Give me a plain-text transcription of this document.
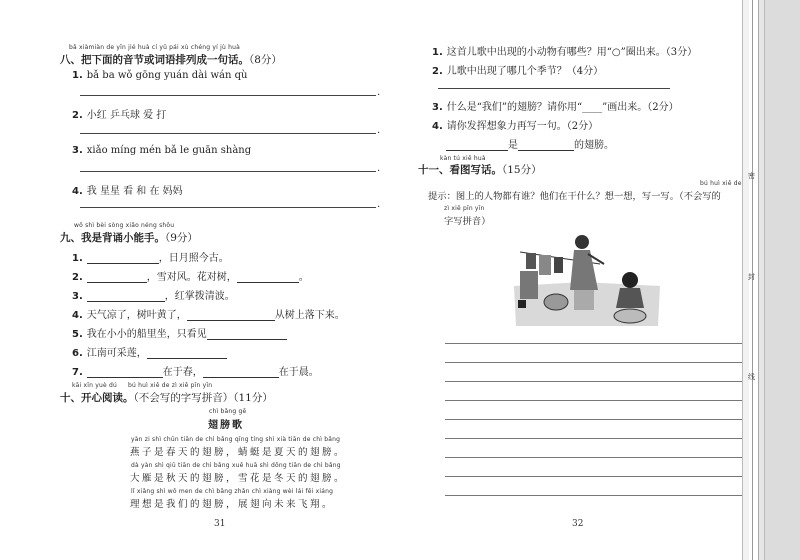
bǎ xiàmiàn de yīn jié huà cí yǔ pái xù chéng yí jù huà
八、把下面的音节或词语排列成一句话。（8分）
1. bǎ ba wǒ gōng yuán dài wán qù
.
2. 小红 乒乓球 爱 打
.
3. xiǎo míng mén bǎ le guān shàng
.
4. 我 星星 看 和 在 妈妈
.
wǒ shì bèi sòng xiǎo néng shǒu
九、我是背诵小能手。（9分）
1.	，日月照今古。
2.	，雪对风。花对树，	。
3.	，红掌拨清波。
4. 天气凉了，树叶黄了，	从树上落下来。
5. 我在小小的船里坐，只看见
6. 江南可采莲，
7.	在于春，	在于晨。
kāi xīn yuè dú bú huì xiě de zì xiě pīn yīn
十、开心阅读。（不会写的字写拼音）（11分）
chì bǎng gē
翅膀歌
yàn zi shì chūn tiān de chì bǎng qīng tíng shì xià tiān de chì bǎng
燕子是春天的翅膀，蜻蜓是夏天的翅膀。
dà yàn shì qiū tiān de chì bǎng xuě huā shì dōng tiān de chì bǎng
大雁是秋天的翅膀，雪花是冬天的翅膀。
lǐ xiǎng shì wǒ men de chì bǎng zhǎn chì xiàng wèi lái fēi xiáng
理想是我们的翅膀，展翅向未来飞翔。
31
1. 这首儿歌中出现的小动物有哪些？用“○”圈出来。（3分）
2. 儿歌中出现了哪几个季节？（4分）
3. 什么是“我们”的翅膀？请你用“____”画出来。（2分）
4. 请你发挥想象力再写一句。（2分）
是	的翅膀。
kàn tú xiě huà
十一、看图写话。（15分）
bú huì xiě de
提示：图上的人物都有谁？他们在干什么？想一想，写一写。（不会写的
zì xiě pīn yīn
字写拼音）
32
密
封
线
